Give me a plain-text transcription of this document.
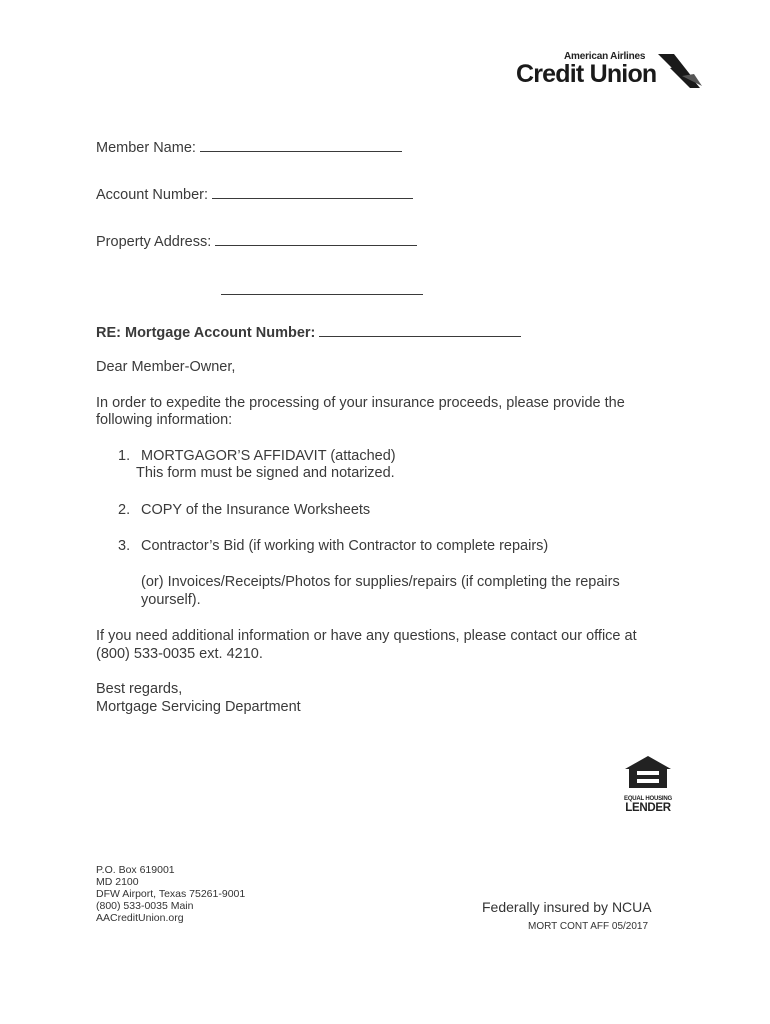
American Airlines
Credit Union
Member Name:
Account Number:
Property Address:
RE: Mortgage Account Number:
Dear Member-Owner,
In order to expedite the processing of your insurance proceeds, please provide the
following information:
1. MORTGAGOR’S AFFIDAVIT (attached)
This form must be signed and notarized.
2. COPY of the Insurance Worksheets
3. Contractor’s Bid (if working with Contractor to complete repairs)
(or) Invoices/Receipts/Photos for supplies/repairs (if completing the repairs
yourself).
If you need additional information or have any questions, please contact our office at
(800) 533-0035 ext. 4210.
Best regards,
Mortgage Servicing Department
EQUAL HOUSING
LENDER
P.O. Box 619001
MD 2100
DFW Airport, Texas 75261-9001
(800) 533-0035 Main
AACreditUnion.org
Federally insured by NCUA
MORT CONT AFF 05/2017
